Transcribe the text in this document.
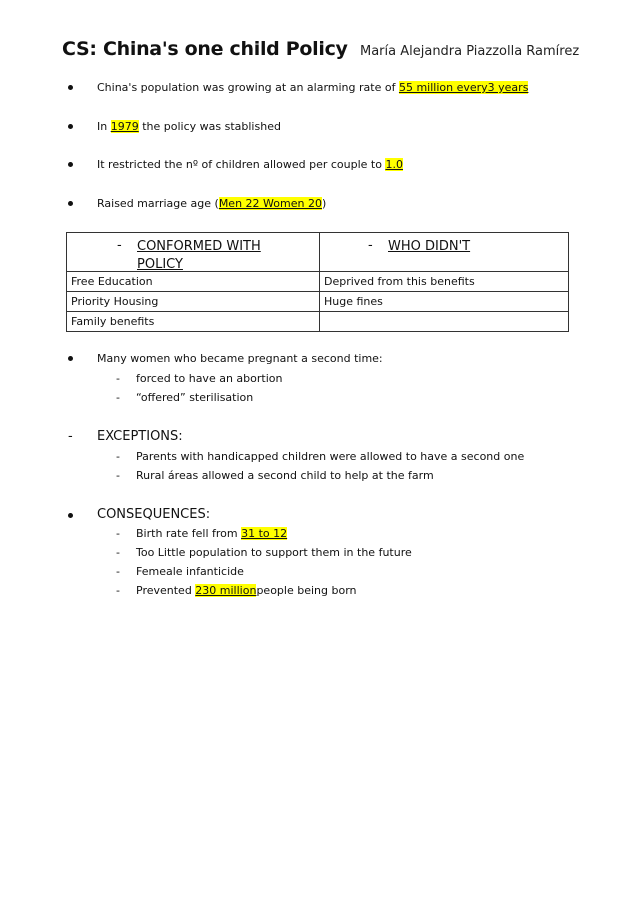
CS: China's one child Policy María Alejandra Piazzolla Ramírez
China's population was growing at an alarming rate of 55 million every3 years
In 1979 the policy was stablished
It restricted the nº of children allowed per couple to 1.0
Raised marriage age (Men 22 Women 20)
- CONFORMED WITH POLICY	- WHO DIDN'T

Free Education	Deprived from this benefits
Priority Housing	Huge fines
Family benefits	
Many women who became pregnant a second time:
- forced to have an abortion
- “offered” sterilisation
- EXCEPTIONS:
- Parents with handicapped children were allowed to have a second one
- Rural áreas allowed a second child to help at the farm
CONSEQUENCES:
- Birth rate fell from 31 to 12
- Too Little population to support them in the future
- Femeale infanticide
- Prevented 230 millionpeople being born
